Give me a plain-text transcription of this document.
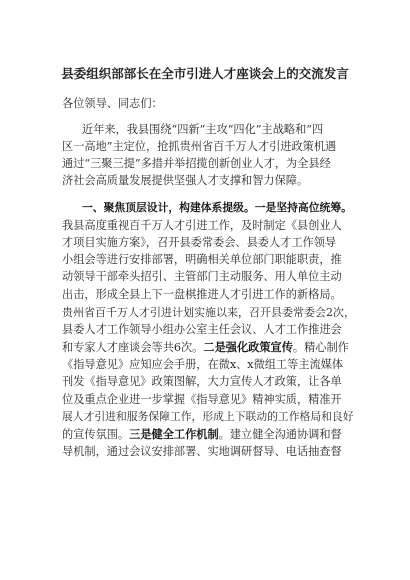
县委组织部部长在全市引进人才座谈会上的交流发言
各位领导、同志们：
近年来，我县围绕“四新”主攻“四化”主战略和“四
区一高地”主定位，抢抓贵州省百千万人才引进政策机遇
通过“三聚三提”多措并举招揽创新创业人才，为全县经
济社会高质量发展提供坚强人才支撑和智力保障。
一、聚焦顶层设计，构建体系提级。一是坚持高位统筹。
我县高度重视百千万人才引进工作，及时制定《县创业人
才项目实施方案》，召开县委常委会、县委人才工作领导
小组会等进行安排部署，明确相关单位部门职能职责，推
动领导干部牵头招引、主管部门主动服务、用人单位主动
出击，形成全县上下一盘棋推进人才引进工作的新格局。
贵州省百千万人才引进计划实施以来，召开县委常委会2次，
县委人才工作领导小组办公室主任会议、人才工作推进会
和专家人才座谈会等共6次。二是强化政策宣传。精心制作
《指导意见》应知应会手册，在微x、x微组工等主流媒体
刊发《指导意见》政策图解，大力宣传人才政策，让各单
位及重点企业进一步掌握《指导意见》精神实质，精准开
展人才引进和服务保障工作，形成上下联动的工作格局和良好
的宣传氛围。三是健全工作机制。建立健全沟通协调和督
导机制，通过会议安排部署、实地调研督导、电话抽查督
